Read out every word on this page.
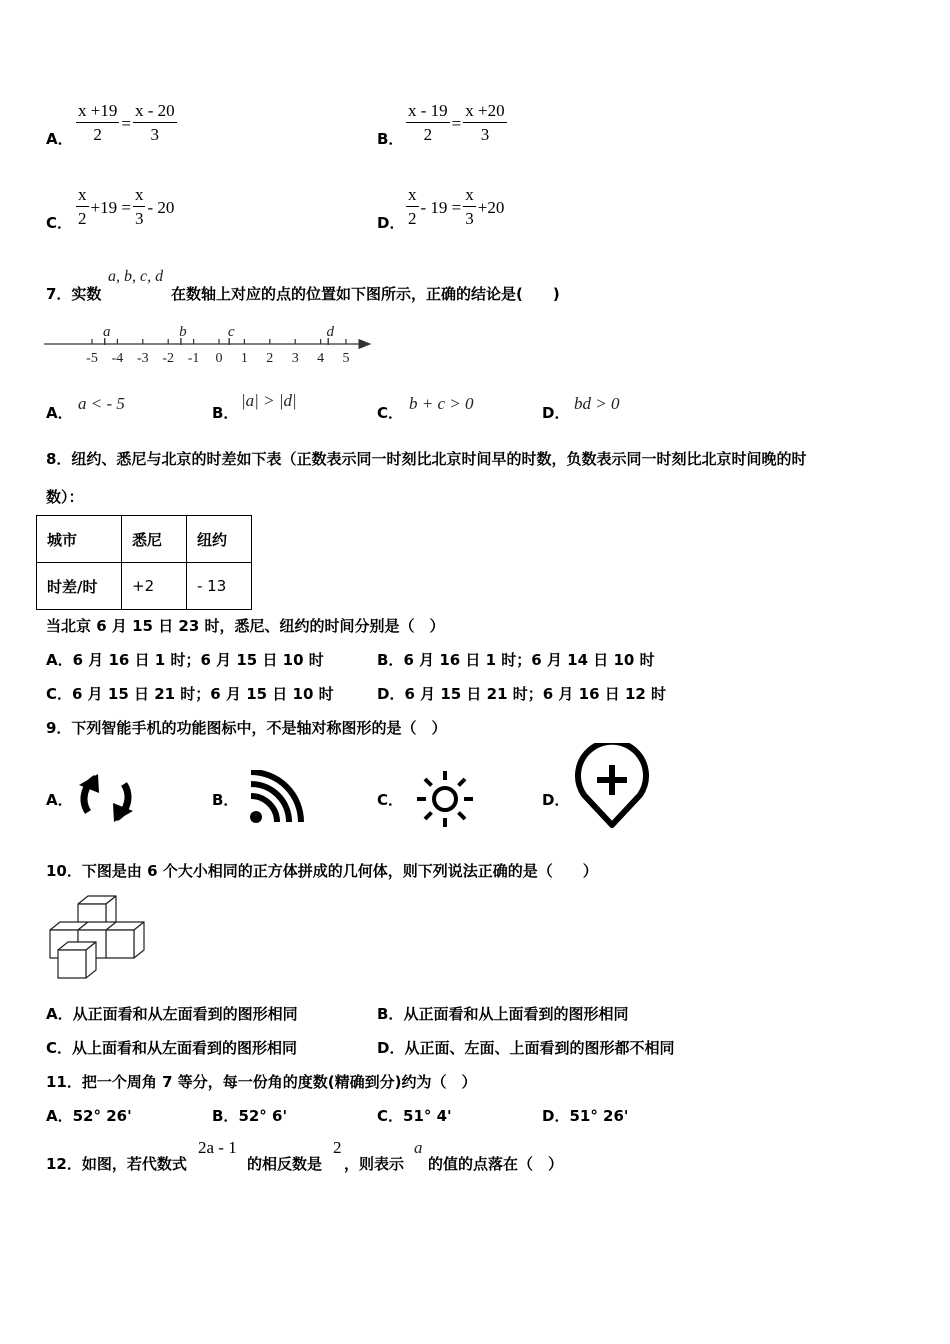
A． $\frac{x +19}{2} = \frac{x - 20}{3}$	B． $\frac{x - 19}{2} = \frac{x +20}{3}$
C． $\frac{x}{2} +19 = \frac{x}{3} - 20$
D． $\frac{x}{2} - 19 = \frac{x}{3} +20$
7．实数
a, b, c, d
在数轴上对应的点的位置如下图所示，正确的结论是(　　)
-5 -4 -3 -2 -1 0 1 2 3 4 5
a	b	c	d
A． a < - 5	B．
|a| > |d|
C． b + c > 0	D． bd > 0
8．纽约、悉尼与北京的时差如下表（正数表示同一时刻比北京时间早的时数，负数表示同一时刻比北京时间晚的时
数）：
城市	悉尼	纽约
时差/时	+2	- 13
当北京 6 月 15 日 23 时，悉尼、纽约的时间分别是（　）
A．6 月 16 日 1 时；6 月 15 日 10 时	B．6 月 16 日 1 时；6 月 14 日 10 时
C．6 月 15 日 21 时；6 月 15 日 10 时	D．6 月 15 日 21 时；6 月 16 日 12 时
9．下列智能手机的功能图标中，不是轴对称图形的是（　）
A．	B．	C．	D．
10．下图是由 6 个大小相同的正方体拼成的几何体，则下列说法正确的是（　　）
A．从正面看和从左面看到的图形相同	B．从正面看和从上面看到的图形相同
C．从上面看和从左面看到的图形相同	D．从正面、左面、上面看到的图形都不相同
11．把一个周角 7 等分，每一份角的度数(精确到分)约为（　）
A．52° 26'	B．52° 6'	C．51° 4'	D．51° 26'
12．如图，若代数式
2a - 1
的相反数是
2
，则表示
a
的值的点落在（　）
